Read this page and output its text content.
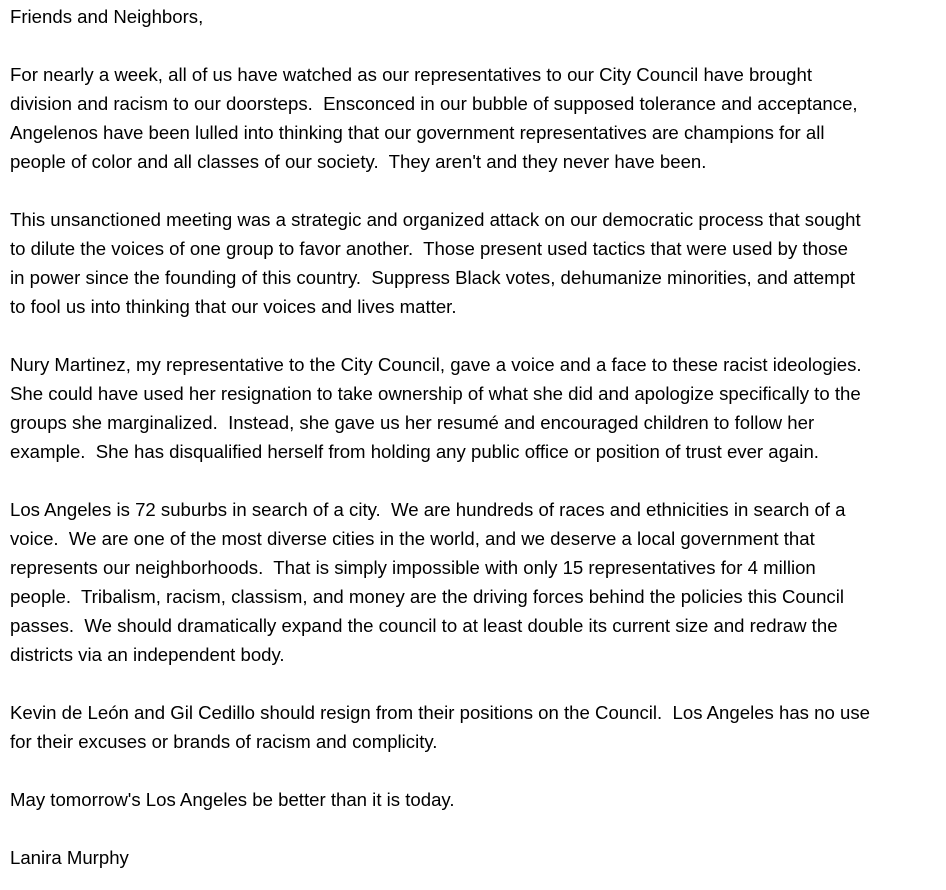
Friends and Neighbors,

For nearly a week, all of us have watched as our representatives to our City Council have brought
division and racism to our doorsteps.  Ensconced in our bubble of supposed tolerance and acceptance,
Angelenos have been lulled into thinking that our government representatives are champions for all
people of color and all classes of our society.  They aren't and they never have been.

This unsanctioned meeting was a strategic and organized attack on our democratic process that sought
to dilute the voices of one group to favor another.  Those present used tactics that were used by those
in power since the founding of this country.  Suppress Black votes, dehumanize minorities, and attempt
to fool us into thinking that our voices and lives matter.

Nury Martinez, my representative to the City Council, gave a voice and a face to these racist ideologies.
She could have used her resignation to take ownership of what she did and apologize specifically to the
groups she marginalized.  Instead, she gave us her resumé and encouraged children to follow her
example.  She has disqualified herself from holding any public office or position of trust ever again.

Los Angeles is 72 suburbs in search of a city.  We are hundreds of races and ethnicities in search of a
voice.  We are one of the most diverse cities in the world, and we deserve a local government that
represents our neighborhoods.  That is simply impossible with only 15 representatives for 4 million
people.  Tribalism, racism, classism, and money are the driving forces behind the policies this Council
passes.  We should dramatically expand the council to at least double its current size and redraw the
districts via an independent body.

Kevin de León and Gil Cedillo should resign from their positions on the Council.  Los Angeles has no use
for their excuses or brands of racism and complicity.

May tomorrow's Los Angeles be better than it is today.

Lanira Murphy
